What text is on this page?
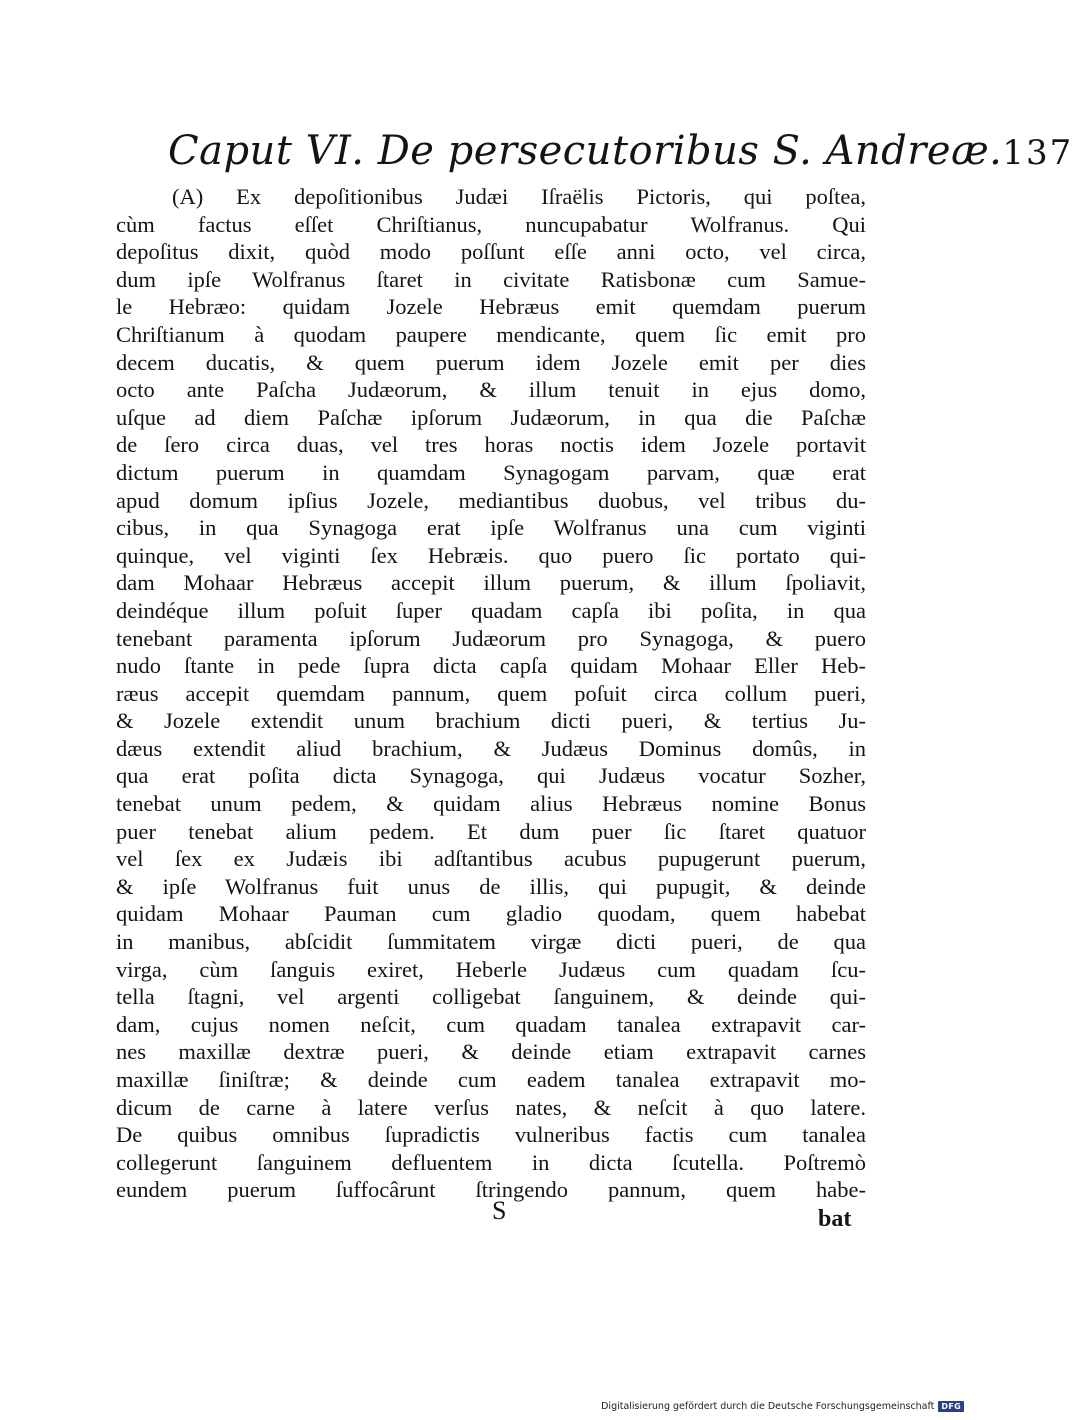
Caput VI. De persecutoribus S. Andreæ. 137
(A) Ex depoſitionibus Judæi Iſraëlis Pictoris, qui poſtea,
cùm factus eſſet Chriſtianus, nuncupabatur Wolfranus. Qui
depoſitus dixit, quòd modo poſſunt eſſe anni octo, vel circa,
dum ipſe Wolfranus ſtaret in civitate Ratisbonæ cum Samue-
le Hebræo: quidam Jozele Hebræus emit quemdam puerum
Chriſtianum à quodam paupere mendicante, quem ſic emit pro
decem ducatis, & quem puerum idem Jozele emit per dies
octo ante Paſcha Judæorum, & illum tenuit in ejus domo,
uſque ad diem Paſchæ ipſorum Judæorum, in qua die Paſchæ
de ſero circa duas, vel tres horas noctis idem Jozele portavit
dictum puerum in quamdam Synagogam parvam, quæ erat
apud domum ipſius Jozele, mediantibus duobus, vel tribus du-
cibus, in qua Synagoga erat ipſe Wolfranus una cum viginti
quinque, vel viginti ſex Hebræis. quo puero ſic portato qui-
dam Mohaar Hebræus accepit illum puerum, & illum ſpoliavit,
deindéque illum poſuit ſuper quadam capſa ibi poſita, in qua
tenebant paramenta ipſorum Judæorum pro Synagoga, & puero
nudo ſtante in pede ſupra dicta capſa quidam Mohaar Eller Heb-
ræus accepit quemdam pannum, quem poſuit circa collum pueri,
& Jozele extendit unum brachium dicti pueri, & tertius Ju-
dæus extendit aliud brachium, & Judæus Dominus domûs, in
qua erat poſita dicta Synagoga, qui Judæus vocatur Sozher,
tenebat unum pedem, & quidam alius Hebræus nomine Bonus
puer tenebat alium pedem. Et dum puer ſic ſtaret quatuor
vel ſex ex Judæis ibi adſtantibus acubus pupugerunt puerum,
& ipſe Wolfranus fuit unus de illis, qui pupugit, & deinde
quidam Mohaar Pauman cum gladio quodam, quem habebat
in manibus, abſcidit ſummitatem virgæ dicti pueri, de qua
virga, cùm ſanguis exiret, Heberle Judæus cum quadam ſcu-
tella ſtagni, vel argenti colligebat ſanguinem, & deinde qui-
dam, cujus nomen neſcit, cum quadam tanalea extrapavit car-
nes maxillæ dextræ pueri, & deinde etiam extrapavit carnes
maxillæ ſiniſtræ; & deinde cum eadem tanalea extrapavit mo-
dicum de carne à latere verſus nates, & neſcit à quo latere.
De quibus omnibus ſupradictis vulneribus factis cum tanalea
collegerunt ſanguinem defluentem in dicta ſcutella. Poſtremò
eundem puerum ſuffocârunt ſtringendo pannum, quem habe-
S	bat
Digitalisierung gefördert durch die Deutsche Forschungsgemeinschaft DFG
